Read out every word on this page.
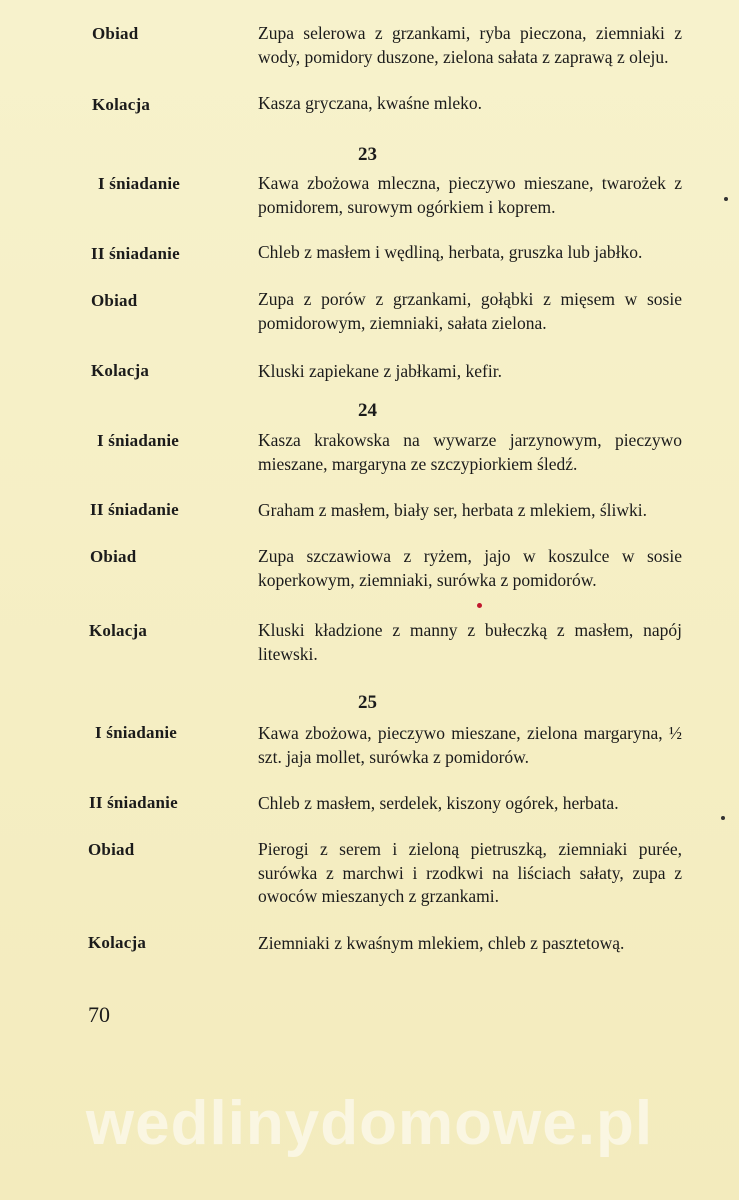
Obiad	Zupa selerowa z grzankami, ryba pieczona, ziemniaki z wody, pomidory duszone, zielona sałata z zaprawą z oleju.
Kolacja	Kasza gryczana, kwaśne mleko.
23
I śniadanie	Kawa zbożowa mleczna, pieczywo mieszane, twarożek z pomidorem, surowym ogórkiem i koprem.
II śniadanie	Chleb z masłem i wędliną, herbata, gruszka lub jabłko.
Obiad	Zupa z porów z grzankami, gołąbki z mięsem w sosie pomidorowym, ziemniaki, sałata zielona.
Kolacja	Kluski zapiekane z jabłkami, kefir.
24
I śniadanie	Kasza krakowska na wywarze jarzynowym, pieczywo mieszane, margaryna ze szczypiorkiem śledź.
II śniadanie	Graham z masłem, biały ser, herbata z mlekiem, śliwki.
Obiad	Zupa szczawiowa z ryżem, jajo w koszulce w sosie koperkowym, ziemniaki, surówka z pomidorów.
Kolacja	Kluski kładzione z manny z bułeczką z masłem, napój litewski.
25
I śniadanie	Kawa zbożowa, pieczywo mieszane, zielona margaryna, ½ szt. jaja mollet, surówka z pomidorów.
II śniadanie	Chleb z masłem, serdelek, kiszony ogórek, herbata.
Obiad	Pierogi z serem i zieloną pietruszką, ziemniaki purée, surówka z marchwi i rzodkwi na liściach sałaty, zupa z owoców mieszanych z grzankami.
Kolacja	Ziemniaki z kwaśnym mlekiem, chleb z pasztetową.
70
wedlinydomowe.pl
